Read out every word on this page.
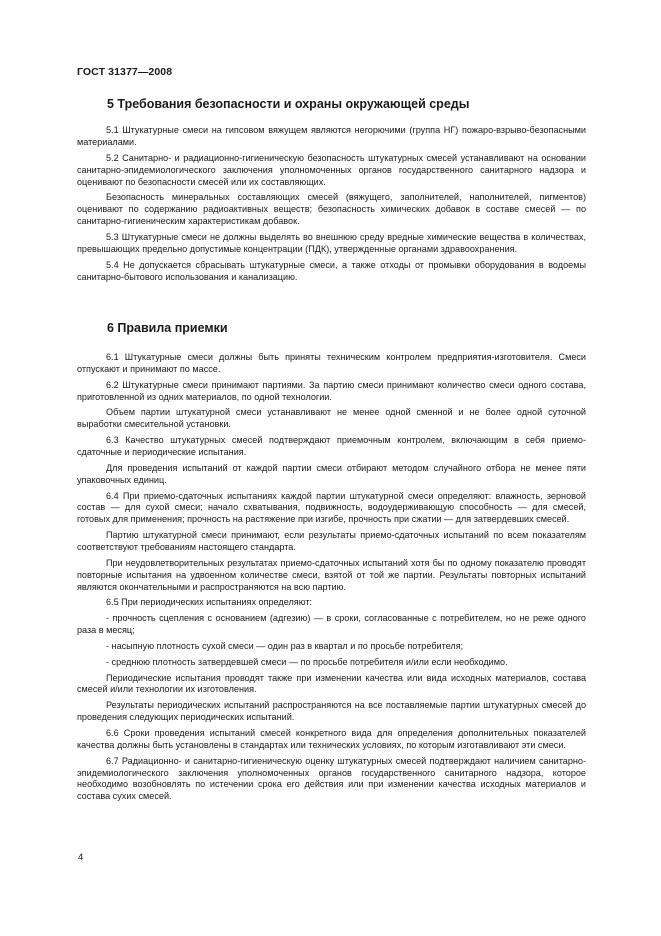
ГОСТ 31377—2008
5 Требования безопасности и охраны окружающей среды

5.1 Штукатурные смеси на гипсовом вяжущем являются негорючими (группа НГ) пожаро-взрыво-безопасными материалами.

5.2 Санитарно- и радиационно-гигиеническую безопасность штукатурных смесей устанавливают на основании санитарно-эпидемиологического заключения уполномоченных органов государственного санитарного надзора и оценивают по безопасности смесей или их составляющих.

Безопасность минеральных составляющих смесей (вяжущего, заполнителей, наполнителей, пигментов) оценивают по содержанию радиоактивных веществ; безопасность химических добавок в составе смесей — по санитарно-гигиеническим характеристикам добавок.

5.3 Штукатурные смеси не должны выделять во внешнюю среду вредные химические вещества в количествах, превышающих предельно допустимые концентрации (ПДК), утвержденные органами здравоохранения.

5.4 Не допускается сбрасывать штукатурные смеси, а также отходы от промывки оборудования в водоемы санитарно-бытового использования и канализацию.

6 Правила приемки

6.1 Штукатурные смеси должны быть приняты техническим контролем предприятия-изготовителя. Смеси отпускают и принимают по массе.

6.2 Штукатурные смеси принимают партиями. За партию смеси принимают количество смеси одного состава, приготовленной из одних материалов, по одной технологии.

Объем партии штукатурной смеси устанавливают не менее одной сменной и не более одной суточной выработки смесительной установки.

6.3 Качество штукатурных смесей подтверждают приемочным контролем, включающим в себя приемо-сдаточные и периодические испытания.

Для проведения испытаний от каждой партии смеси отбирают методом случайного отбора не менее пяти упаковочных единиц.

6.4 При приемо-сдаточных испытаниях каждой партии штукатурной смеси определяют: влажность, зерновой состав — для сухой смеси; начало схватывания, подвижность, водоудерживающую способность — для смесей, готовых для применения; прочность на растяжение при изгибе, прочность при сжатии — для затвердевших смесей.

Партию штукатурной смеси принимают, если результаты приемо-сдаточных испытаний по всем показателям соответствуют требованиям настоящего стандарта.

При неудовлетворительных результатах приемо-сдаточных испытаний хотя бы по одному показателю проводят повторные испытания на удвоенном количестве смеси, взятой от той же партии. Результаты повторных испытаний являются окончательными и распространяются на всю партию.

6.5 При периодических испытаниях определяют:

- прочность сцепления с основанием (адгезию) — в сроки, согласованные с потребителем, но не реже одного раза в месяц;

- насыпную плотность сухой смеси — один раз в квартал и по просьбе потребителя;

- среднюю плотность затвердевшей смеси — по просьбе потребителя и/или если необходимо.

Периодические испытания проводят также при изменении качества или вида исходных материалов, состава смесей и/или технологии их изготовления.

Результаты периодических испытаний распространяются на все поставляемые партии штукатурных смесей до проведения следующих периодических испытаний.

6.6 Сроки проведения испытаний смесей конкретного вида для определения дополнительных показателей качества должны быть установлены в стандартах или технических условиях, по которым изготавливают эти смеси.

6.7 Радиационно- и санитарно-гигиеническую оценку штукатурных смесей подтверждают наличием санитарно-эпидемиологического заключения уполномоченных органов государственного санитарного надзора, которое необходимо возобновлять по истечении срока его действия или при изменении качества исходных материалов и состава сухих смесей.

4
